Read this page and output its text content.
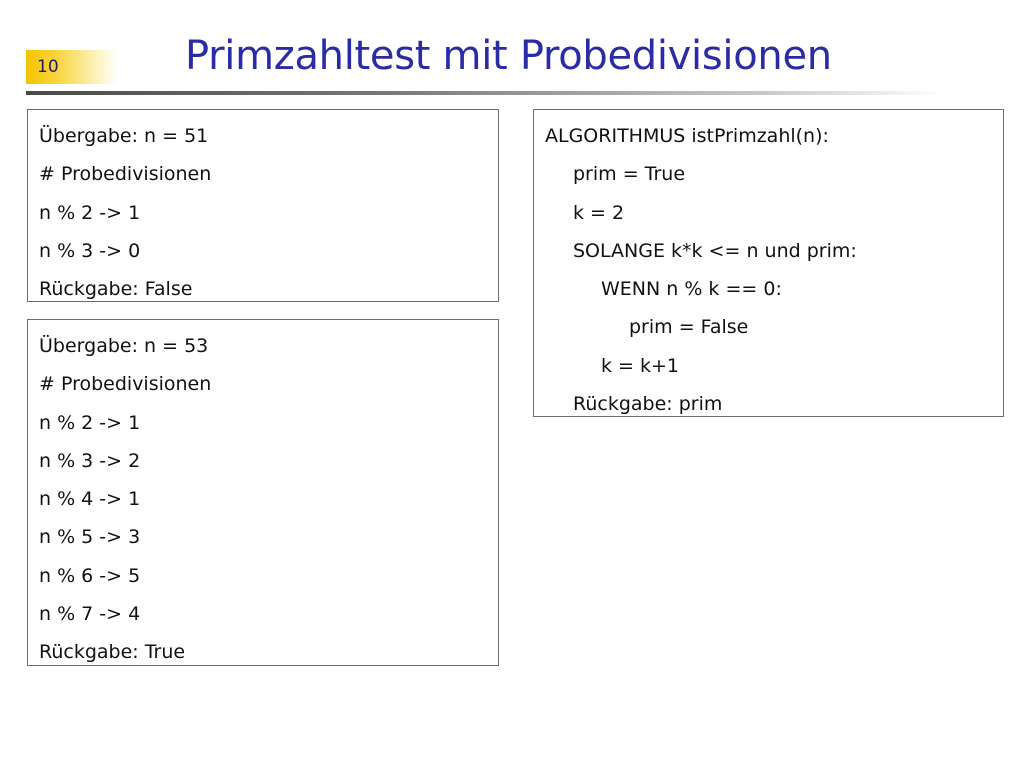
10	Primzahltest mit Probedivisionen
Übergabe: n = 51
# Probedivisionen
n % 2 -> 1
n % 3 -> 0
Rückgabe: False
Übergabe: n = 53
# Probedivisionen
n % 2 -> 1
n % 3 -> 2
n % 4 -> 1
n % 5 -> 3
n % 6 -> 5
n % 7 -> 4
Rückgabe: True
ALGORITHMUS istPrimzahl(n):
prim = True
k = 2
SOLANGE k*k <= n und prim:
WENN n % k == 0:
prim = False
k = k+1
Rückgabe: prim
